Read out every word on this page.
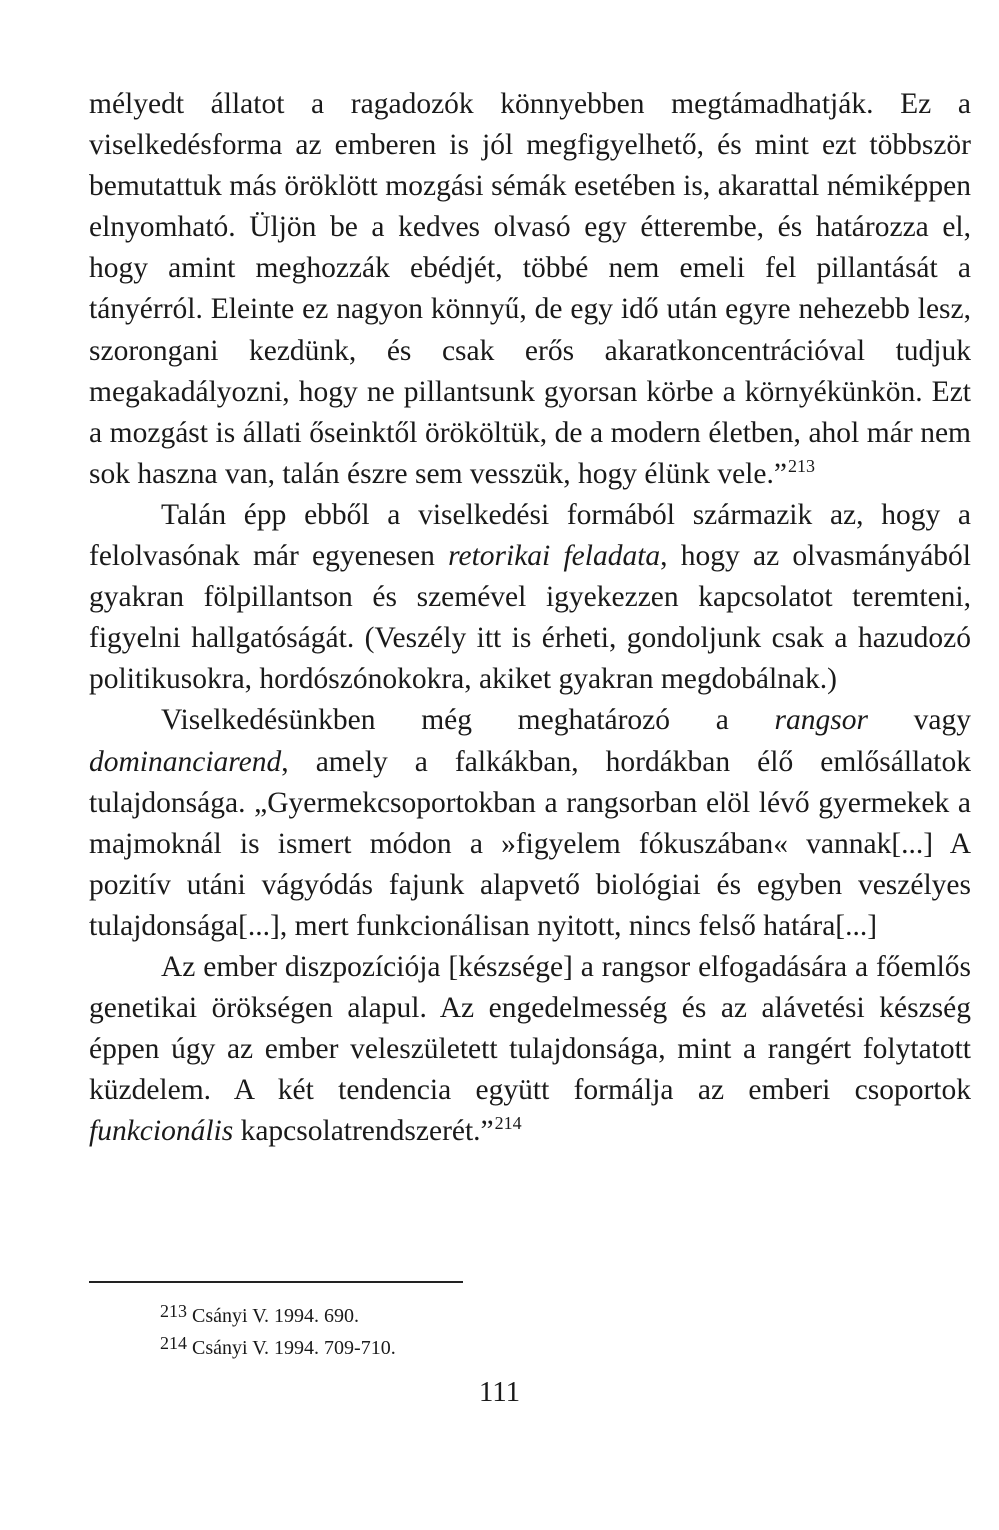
mélyedt állatot a ragadozók könnyebben megtámadhatják. Ez a viselkedésforma az emberen is jól megfigyelhető, és mint ezt többször bemutattuk más öröklött mozgási sémák esetében is, akarattal némiképpen elnyomható. Üljön be a kedves olvasó egy étterembe, és határozza el, hogy amint meghozzák ebédjét, többé nem emeli fel pillantását a tányérról. Eleinte ez nagyon könnyű, de egy idő után egyre nehezebb lesz, szorongani kezdünk, és csak erős akaratkoncentrációval tudjuk megakadályozni, hogy ne pillantsunk gyorsan körbe a környékünkön. Ezt a mozgást is állati őseinktől örököltük, de a modern életben, ahol már nem sok haszna van, talán észre sem vesszük, hogy élünk vele.”$^{213}$

Talán épp ebből a viselkedési formából származik az, hogy a felolvasónak már egyenesen retorikai feladata, hogy az olvasmányából gyakran fölpillantson és szemével igyekezzen kapcsolatot teremteni, figyelni hallgatóságát. (Veszély itt is érheti, gondoljunk csak a hazudozó politikusokra, hordószónokokra, akiket gyakran megdobálnak.)

Viselkedésünkben még meghatározó a rangsor vagy dominanciarend, amely a falkákban, hordákban élő emlősállatok tulajdonsága. „Gyermekcsoportokban a rangsorban elöl lévő gyermekek a majmoknál is ismert módon a »figyelem fókuszában« vannak[...] A pozitív utáni vágyódás fajunk alapvető biológiai és egyben veszélyes tulajdonsága[...], mert funkcionálisan nyitott, nincs felső határa[...]

Az ember diszpozíciója [készsége] a rangsor elfogadására a főemlős genetikai örökségen alapul. Az engedelmesség és az alávetési készség éppen úgy az ember veleszületett tulajdonsága, mint a rangért folytatott küzdelem. A két tendencia együtt formálja az emberi csoportok funkcionális kapcsolatrendszerét.”$^{214}$

213 Csányi V. 1994. 690.

214 Csányi V. 1994. 709-710.

111
